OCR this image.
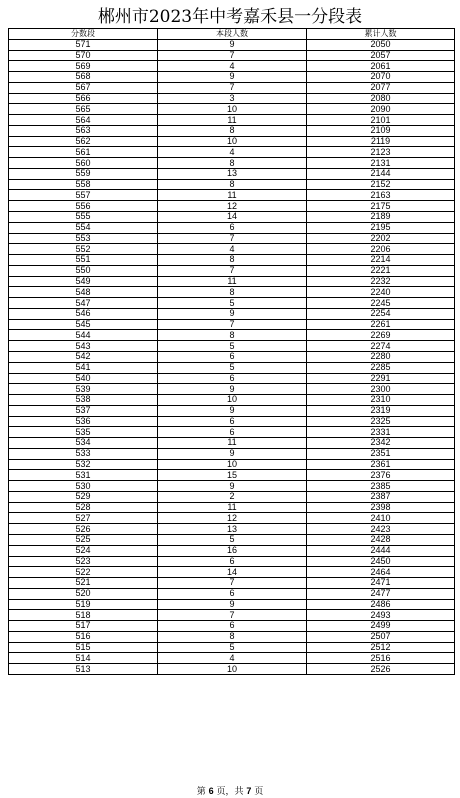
郴州市2023年中考嘉禾县一分段表
分数段	本段人数	累计人数
571	9	2050
570	7	2057
569	4	2061
568	9	2070
567	7	2077
566	3	2080
565	10	2090
564	11	2101
563	8	2109
562	10	2119
561	4	2123
560	8	2131
559	13	2144
558	8	2152
557	11	2163
556	12	2175
555	14	2189
554	6	2195
553	7	2202
552	4	2206
551	8	2214
550	7	2221
549	11	2232
548	8	2240
547	5	2245
546	9	2254
545	7	2261
544	8	2269
543	5	2274
542	6	2280
541	5	2285
540	6	2291
539	9	2300
538	10	2310
537	9	2319
536	6	2325
535	6	2331
534	11	2342
533	9	2351
532	10	2361
531	15	2376
530	9	2385
529	2	2387
528	11	2398
527	12	2410
526	13	2423
525	5	2428
524	16	2444
523	6	2450
522	14	2464
521	7	2471
520	6	2477
519	9	2486
518	7	2493
517	6	2499
516	8	2507
515	5	2512
514	4	2516
513	10	2526
第 6 页，共 7 页
